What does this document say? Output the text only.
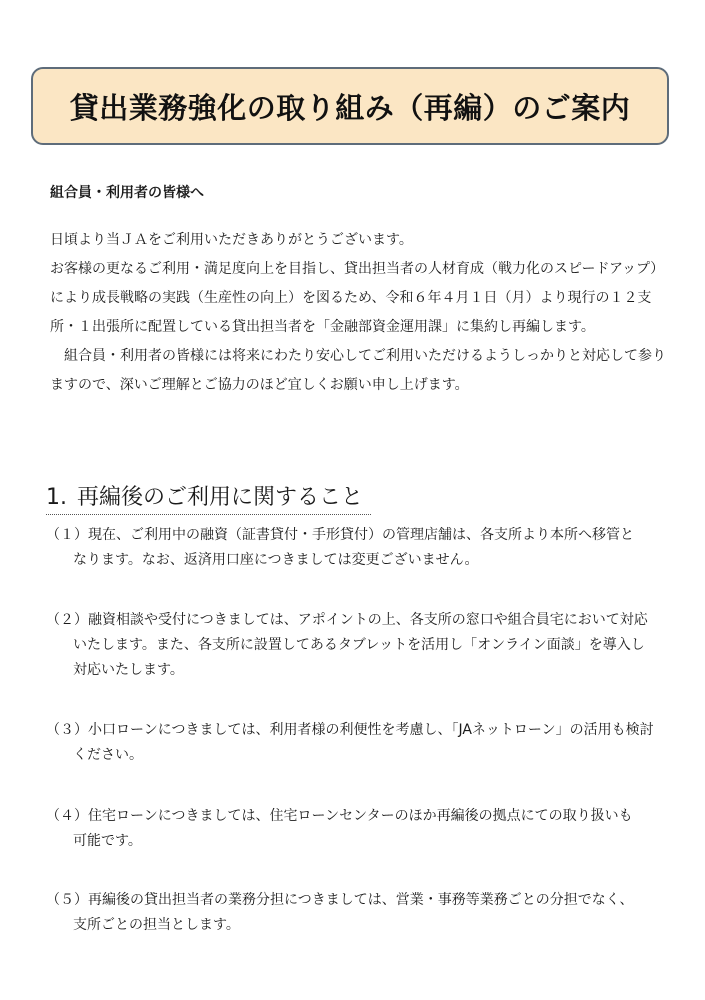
貸出業務強化の取り組み（再編）のご案内
組合員・利用者の皆様へ

日頃より当ＪＡをご利用いただきありがとうございます。

お客様の更なるご利用・満足度向上を目指し、貸出担当者の人材育成（戦力化のスピードアップ）により成長戦略の実践（生産性の向上）を図るため、令和６年４月１日（月）より現行の１２支所・１出張所に配置している貸出担当者を「金融部資金運用課」に集約し再編します。

　組合員・利用者の皆様には将来にわたり安心してご利用いただけるようしっかりと対応して参りますので、深いご理解とご協力のほど宜しくお願い申し上げます。

1. 再編後のご利用に関すること
（１）現在、ご利用中の融資（証書貸付・手形貸付）の管理店舗は、各支所より本所へ移管と
なります。なお、返済用口座につきましては変更ございません。
（２）融資相談や受付につきましては、アポイントの上、各支所の窓口や組合員宅において対応
いたします。また、各支所に設置してあるタブレットを活用し「オンライン面談」を導入し
対応いたします。
（３）小口ローンにつきましては、利用者様の利便性を考慮し、「JAネットローン」の活用も検討
ください。
（４）住宅ローンにつきましては、住宅ローンセンターのほか再編後の拠点にての取り扱いも
可能です。
（５）再編後の貸出担当者の業務分担につきましては、営業・事務等業務ごとの分担でなく、
支所ごとの担当とします。
